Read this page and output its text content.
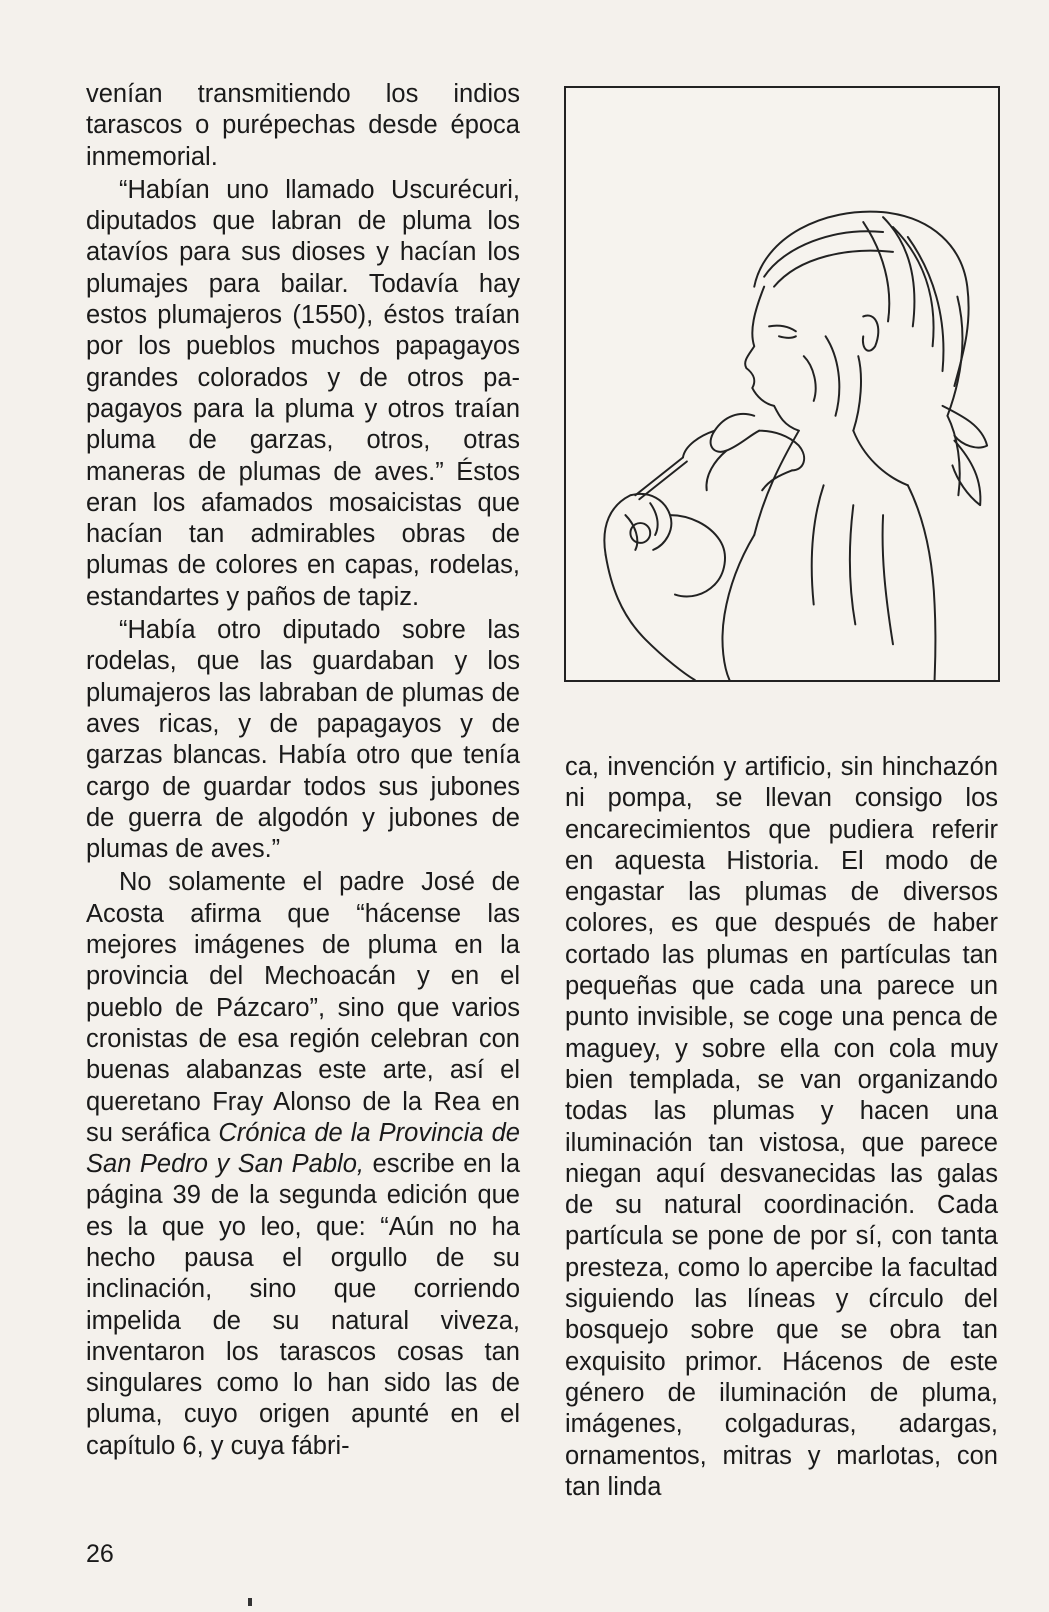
venían transmitiendo los indios tarascos o purépechas desde época inmemorial.

“Habían uno llamado Uscurécuri, diputados que labran de pluma los atavíos para sus dioses y hacían los plumajes para bailar. Todavía hay estos plumajeros (1550), éstos traían por los pueblos muchos papagayos grandes colorados y de otros papagayos para la pluma y otros traían pluma de garzas, otros, otras maneras de plumas de aves.” Éstos eran los afamados mosaicistas que hacían tan admirables obras de plumas de colores en capas, rodelas, estandartes y paños de tapiz.

“Había otro diputado sobre las rodelas, que las guardaban y los plumajeros las labraban de plumas de aves ricas, y de papagayos y de garzas blancas. Había otro que tenía cargo de guardar todos sus jubones de guerra de algodón y jubones de plumas de aves.”

No solamente el padre José de Acosta afirma que “hácense las mejores imágenes de pluma en la provincia del Mechoacán y en el pueblo de Pázcaro”, sino que varios cronistas de esa región celebran con buenas alabanzas este arte, así el queretano Fray Alonso de la Rea en su seráfica Crónica de la Provincia de San Pedro y San Pablo, escribe en la página 39 de la segunda edición que es la que yo leo, que: “Aún no ha hecho pausa el orgullo de su inclinación, sino que corriendo impelida de su natural viveza, inventaron los tarascos cosas tan singulares como lo han sido las de pluma, cuyo origen apunté en el capítulo 6, y cuya fábri-

ca, invención y artificio, sin hinchazón ni pompa, se llevan consigo los encarecimientos que pudiera referir en aquesta Historia. El modo de engastar las plumas de diversos colores, es que después de haber cortado las plumas en partículas tan pequeñas que cada una parece un punto invisible, se coge una penca de maguey, y sobre ella con cola muy bien templada, se van organizando todas las plumas y hacen una iluminación tan vistosa, que parece niegan aquí desvanecidas las galas de su natural coordinación. Cada partícula se pone de por sí, con tanta presteza, como lo apercibe la facultad siguiendo las líneas y círculo del bosquejo sobre que se obra tan exquisito primor. Hácenos de este género de iluminación de pluma, imágenes, colgaduras, adargas, ornamentos, mitras y marlotas, con tan linda

26
